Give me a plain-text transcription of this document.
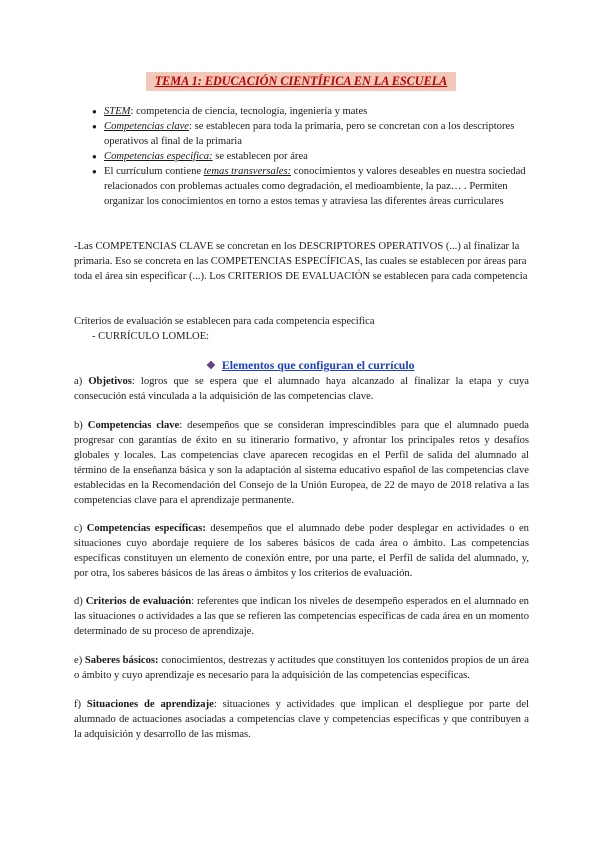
TEMA 1: EDUCACIÓN CIENTÍFICA EN LA ESCUELA
● STEM: competencia de ciencia, tecnología, ingeniería y mates
● Competencias clave: se establecen para toda la primaria, pero se concretan con a los descriptores operativos al final de la primaria
● Competencias especifica: se establecen por área
● El currículum contiene temas transversales: conocimientos y valores deseables en nuestra sociedad relacionados con problemas actuales como degradación, el medioambiente, la paz… . Permiten organizar los conocimientos en torno a estos temas y atraviesa las diferentes áreas curriculares

-Las COMPETENCIAS CLAVE se concretan en los DESCRIPTORES OPERATIVOS (...) al finalizar la primaria. Eso se concreta en las COMPETENCIAS ESPECÍFICAS, las cuales se establecen por áreas para toda el área sin especificar (...). Los CRITERIOS DE EVALUACIÓN se establecen para cada competencia

Criterios de evaluación se establecen para cada competencia especifica

- CURRÍCULO LOMLOE:

❖ Elementos que configuran el currículo

a) Objetivos: logros que se espera que el alumnado haya alcanzado al finalizar la etapa y cuya consecución está vinculada a la adquisición de las competencias clave.

b) Competencias clave: desempeños que se consideran imprescindibles para que el alumnado pueda progresar con garantías de éxito en su itinerario formativo, y afrontar los principales retos y desafíos globales y locales. Las competencias clave aparecen recogidas en el Perfil de salida del alumnado al término de la enseñanza básica y son la adaptación al sistema educativo español de las competencias clave establecidas en la Recomendación del Consejo de la Unión Europea, de 22 de mayo de 2018 relativa a las competencias clave para el aprendizaje permanente.

c) Competencias específicas: desempeños que el alumnado debe poder desplegar en actividades o en situaciones cuyo abordaje requiere de los saberes básicos de cada área o ámbito. Las competencias específicas constituyen un elemento de conexión entre, por una parte, el Perfil de salida del alumnado, y, por otra, los saberes básicos de las áreas o ámbitos y los criterios de evaluación.

d) Criterios de evaluación: referentes que indican los niveles de desempeño esperados en el alumnado en las situaciones o actividades a las que se refieren las competencias específicas de cada área en un momento determinado de su proceso de aprendizaje.

e) Saberes básicos: conocimientos, destrezas y actitudes que constituyen los contenidos propios de un área o ámbito y cuyo aprendizaje es necesario para la adquisición de las competencias específicas.

f) Situaciones de aprendizaje: situaciones y actividades que implican el despliegue por parte del alumnado de actuaciones asociadas a competencias clave y competencias específicas y que contribuyen a la adquisición y desarrollo de las mismas.
